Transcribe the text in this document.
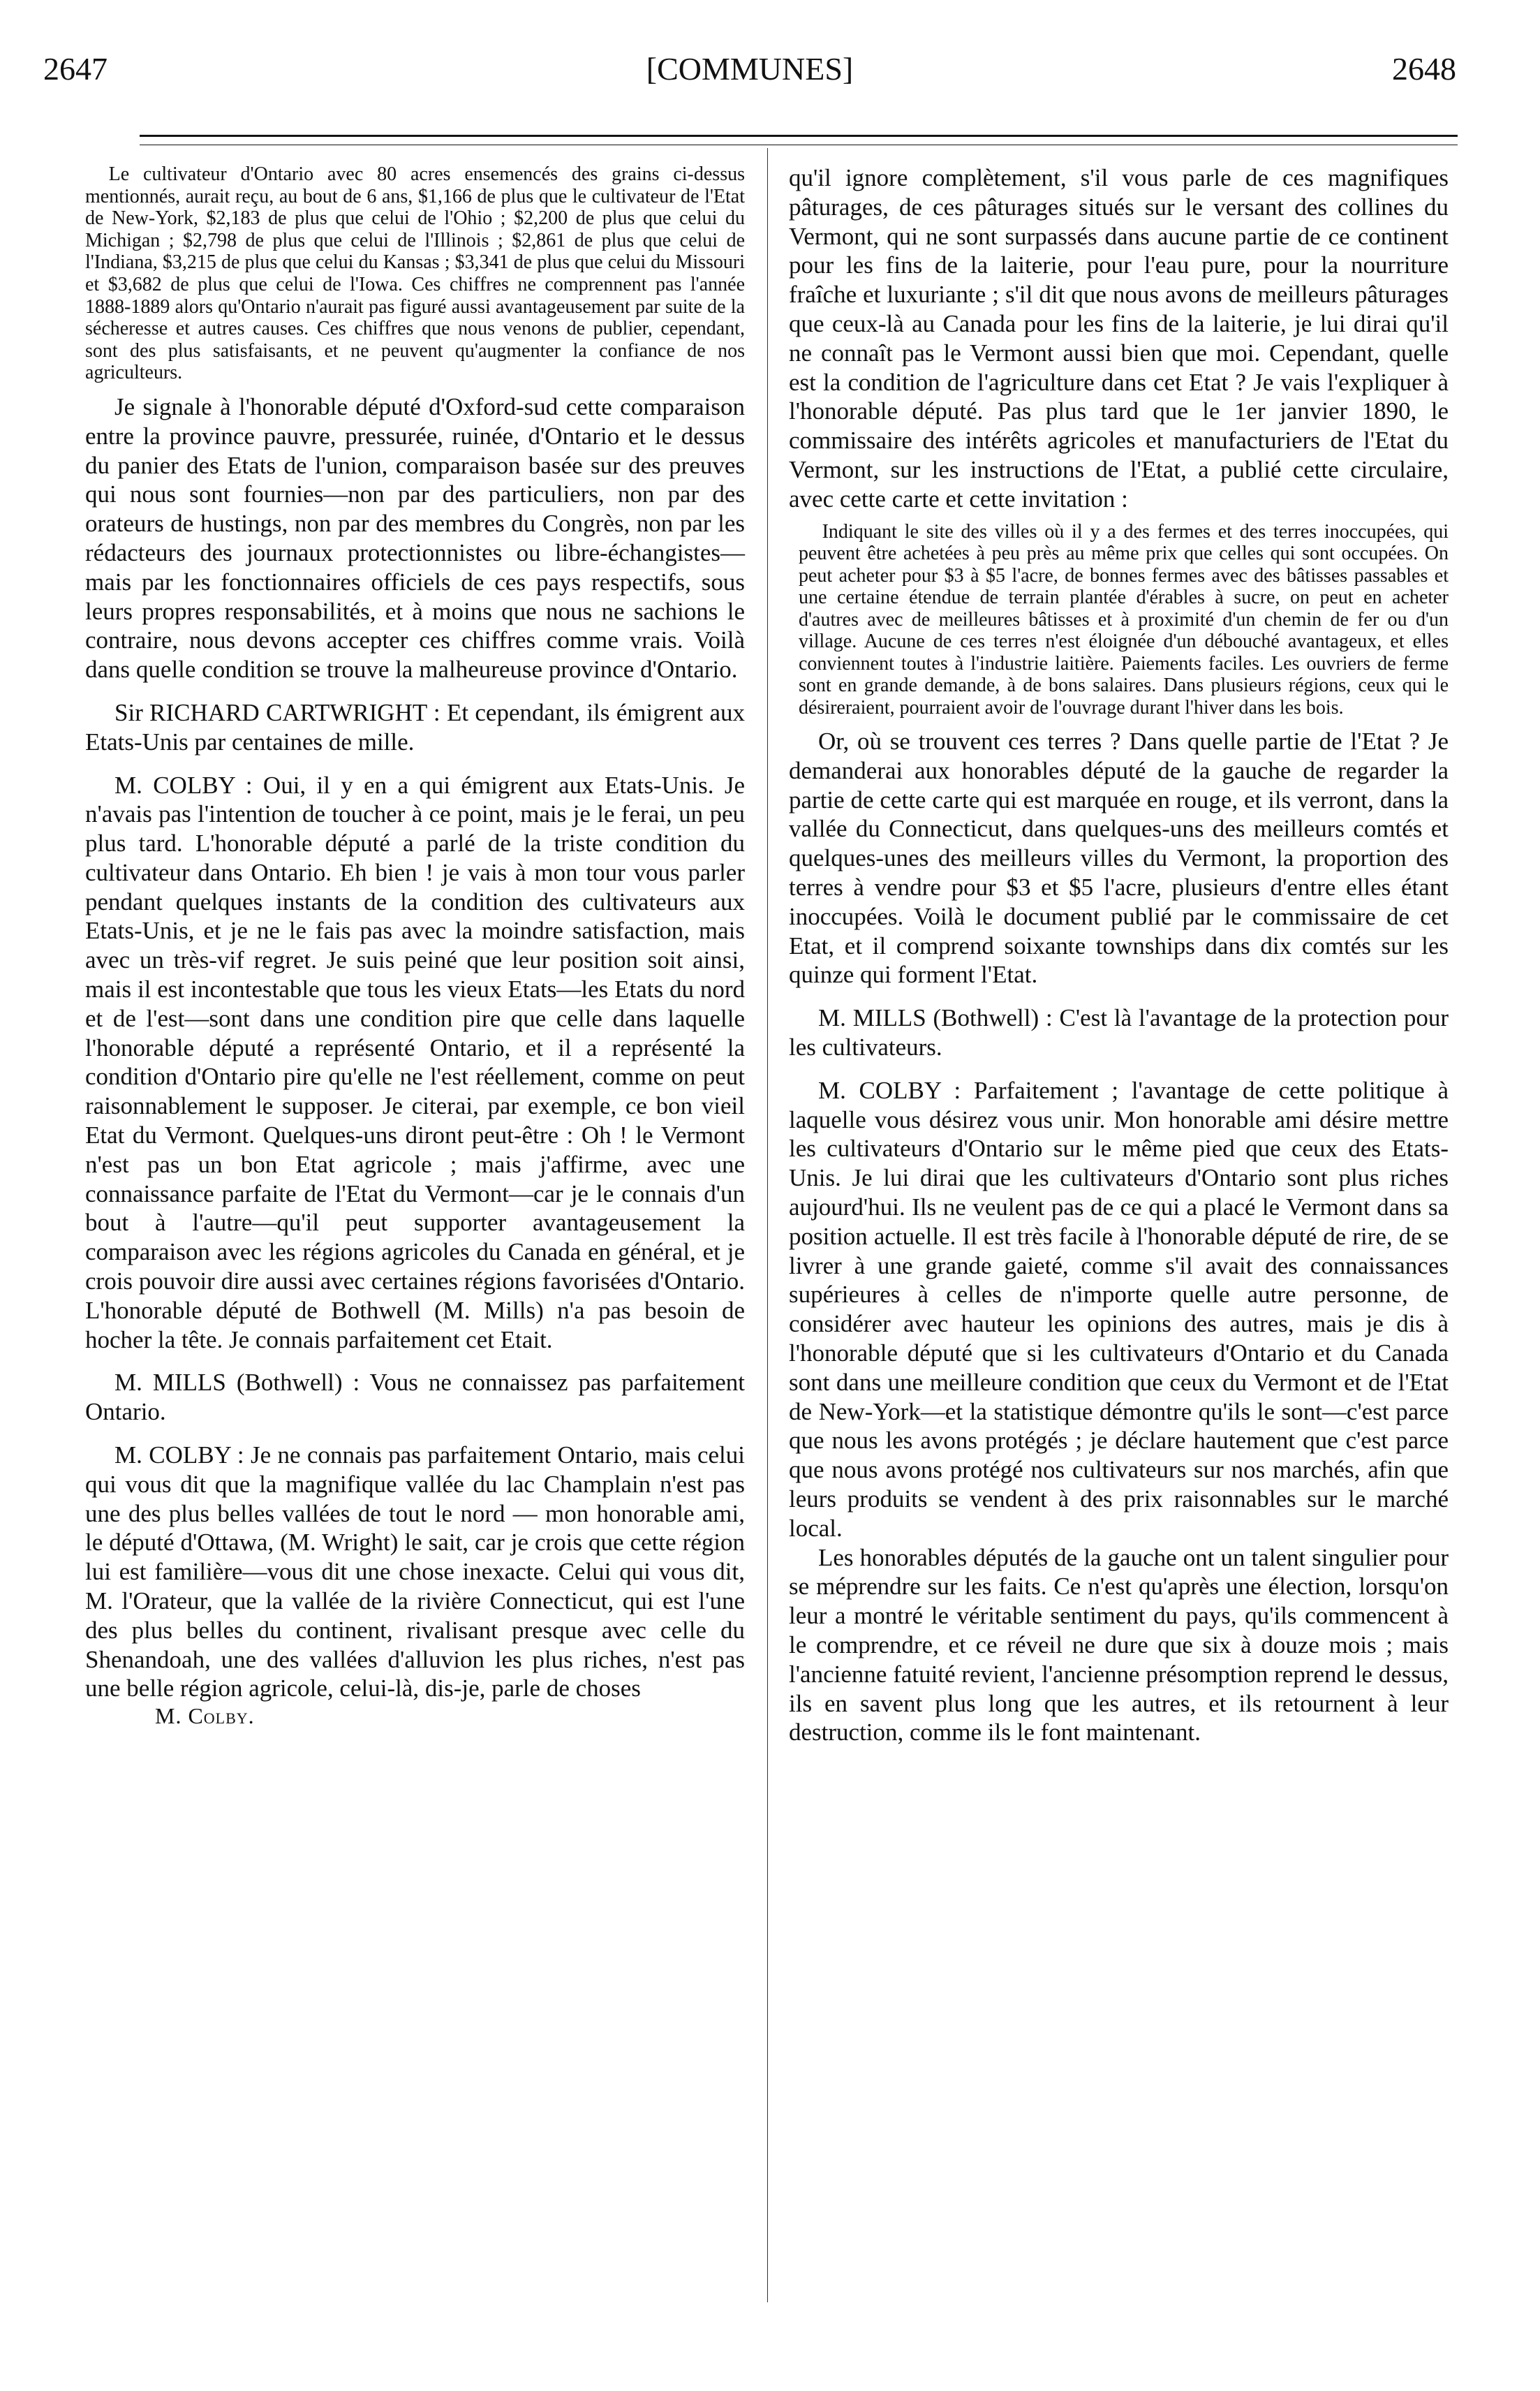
2647	[COMMUNES]	2648

Le cultivateur d'Ontario avec 80 acres ensemencés des grains ci-dessus mentionnés, aurait reçu, au bout de 6 ans, $1,166 de plus que le cultivateur de l'Etat de New-York, $2,183 de plus que celui de l'Ohio ; $2,200 de plus que celui du Michigan ; $2,798 de plus que celui de l'Illinois ; $2,861 de plus que celui de l'Indiana, $3,215 de plus que celui du Kansas ; $3,341 de plus que celui du Missouri et $3,682 de plus que celui de l'Iowa. Ces chiffres ne comprennent pas l'année 1888-1889 alors qu'Ontario n'aurait pas figuré aussi avantageusement par suite de la sécheresse et autres causes. Ces chiffres que nous venons de publier, cependant, sont des plus satisfaisants, et ne peuvent qu'augmenter la confiance de nos agriculteurs.

Je signale à l'honorable député d'Oxford-sud cette comparaison entre la province pauvre, pressurée, ruinée, d'Ontario et le dessus du panier des Etats de l'union, comparaison basée sur des preuves qui nous sont fournies—non par des particuliers, non par des orateurs de hustings, non par des membres du Congrès, non par les rédacteurs des journaux protectionnistes ou libre-échangistes—mais par les fonctionnaires officiels de ces pays respectifs, sous leurs propres responsabilités, et à moins que nous ne sachions le contraire, nous devons accepter ces chiffres comme vrais. Voilà dans quelle condition se trouve la malheureuse province d'Ontario.

Sir RICHARD CARTWRIGHT : Et cependant, ils émigrent aux Etats-Unis par centaines de mille.

M. COLBY : Oui, il y en a qui émigrent aux Etats-Unis. Je n'avais pas l'intention de toucher à ce point, mais je le ferai, un peu plus tard. L'honorable député a parlé de la triste condition du cultivateur dans Ontario. Eh bien ! je vais à mon tour vous parler pendant quelques instants de la condition des cultivateurs aux Etats-Unis, et je ne le fais pas avec la moindre satisfaction, mais avec un très-vif regret. Je suis peiné que leur position soit ainsi, mais il est incontestable que tous les vieux Etats—les Etats du nord et de l'est—sont dans une condition pire que celle dans laquelle l'honorable député a représenté Ontario, et il a représenté la condition d'Ontario pire qu'elle ne l'est réellement, comme on peut raisonnablement le supposer. Je citerai, par exemple, ce bon vieil Etat du Vermont. Quelques-uns diront peut-être : Oh ! le Vermont n'est pas un bon Etat agricole ; mais j'affirme, avec une connaissance parfaite de l'Etat du Vermont—car je le connais d'un bout à l'autre—qu'il peut supporter avantageusement la comparaison avec les régions agricoles du Canada en général, et je crois pouvoir dire aussi avec certaines régions favorisées d'Ontario. L'honorable député de Bothwell (M. Mills) n'a pas besoin de hocher la tête. Je connais parfaitement cet Etait.

M. MILLS (Bothwell) : Vous ne connaissez pas parfaitement Ontario.

M. COLBY : Je ne connais pas parfaitement Ontario, mais celui qui vous dit que la magnifique vallée du lac Champlain n'est pas une des plus belles vallées de tout le nord — mon honorable ami, le député d'Ottawa, (M. Wright) le sait, car je crois que cette région lui est familière—vous dit une chose inexacte. Celui qui vous dit, M. l'Orateur, que la vallée de la rivière Connecticut, qui est l'une des plus belles du continent, rivalisant presque avec celle du Shenandoah, une des vallées d'alluvion les plus riches, n'est pas une belle région agricole, celui-là, dis-je, parle de choses

M. Colby.

qu'il ignore complètement, s'il vous parle de ces magnifiques pâturages, de ces pâturages situés sur le versant des collines du Vermont, qui ne sont surpassés dans aucune partie de ce continent pour les fins de la laiterie, pour l'eau pure, pour la nourriture fraîche et luxuriante ; s'il dit que nous avons de meilleurs pâturages que ceux-là au Canada pour les fins de la laiterie, je lui dirai qu'il ne connaît pas le Vermont aussi bien que moi. Cependant, quelle est la condition de l'agriculture dans cet Etat ? Je vais l'expliquer à l'honorable député. Pas plus tard que le 1er janvier 1890, le commissaire des intérêts agricoles et manufacturiers de l'Etat du Vermont, sur les instructions de l'Etat, a publié cette circulaire, avec cette carte et cette invitation :

Indiquant le site des villes où il y a des fermes et des terres inoccupées, qui peuvent être achetées à peu près au même prix que celles qui sont occupées. On peut acheter pour $3 à $5 l'acre, de bonnes fermes avec des bâtisses passables et une certaine étendue de terrain plantée d'érables à sucre, on peut en acheter d'autres avec de meilleures bâtisses et à proximité d'un chemin de fer ou d'un village. Aucune de ces terres n'est éloignée d'un débouché avantageux, et elles conviennent toutes à l'industrie laitière. Paiements faciles. Les ouvriers de ferme sont en grande demande, à de bons salaires. Dans plusieurs régions, ceux qui le désireraient, pourraient avoir de l'ouvrage durant l'hiver dans les bois.

Or, où se trouvent ces terres ? Dans quelle partie de l'Etat ? Je demanderai aux honorables député de la gauche de regarder la partie de cette carte qui est marquée en rouge, et ils verront, dans la vallée du Connecticut, dans quelques-uns des meilleurs comtés et quelques-unes des meilleurs villes du Vermont, la proportion des terres à vendre pour $3 et $5 l'acre, plusieurs d'entre elles étant inoccupées. Voilà le document publié par le commissaire de cet Etat, et il comprend soixante townships dans dix comtés sur les quinze qui forment l'Etat.

M. MILLS (Bothwell) : C'est là l'avantage de la protection pour les cultivateurs.

M. COLBY : Parfaitement ; l'avantage de cette politique à laquelle vous désirez vous unir. Mon honorable ami désire mettre les cultivateurs d'Ontario sur le même pied que ceux des Etats-Unis. Je lui dirai que les cultivateurs d'Ontario sont plus riches aujourd'hui. Ils ne veulent pas de ce qui a placé le Vermont dans sa position actuelle. Il est très facile à l'honorable député de rire, de se livrer à une grande gaieté, comme s'il avait des connaissances supérieures à celles de n'importe quelle autre personne, de considérer avec hauteur les opinions des autres, mais je dis à l'honorable député que si les cultivateurs d'Ontario et du Canada sont dans une meilleure condition que ceux du Vermont et de l'Etat de New-York—et la statistique démontre qu'ils le sont—c'est parce que nous les avons protégés ; je déclare hautement que c'est parce que nous avons protégé nos cultivateurs sur nos marchés, afin que leurs produits se vendent à des prix raisonnables sur le marché local.

Les honorables députés de la gauche ont un talent singulier pour se méprendre sur les faits. Ce n'est qu'après une élection, lorsqu'on leur a montré le véritable sentiment du pays, qu'ils commencent à le comprendre, et ce réveil ne dure que six à douze mois ; mais l'ancienne fatuité revient, l'ancienne présomption reprend le dessus, ils en savent plus long que les autres, et ils retournent à leur destruction, comme ils le font maintenant.
